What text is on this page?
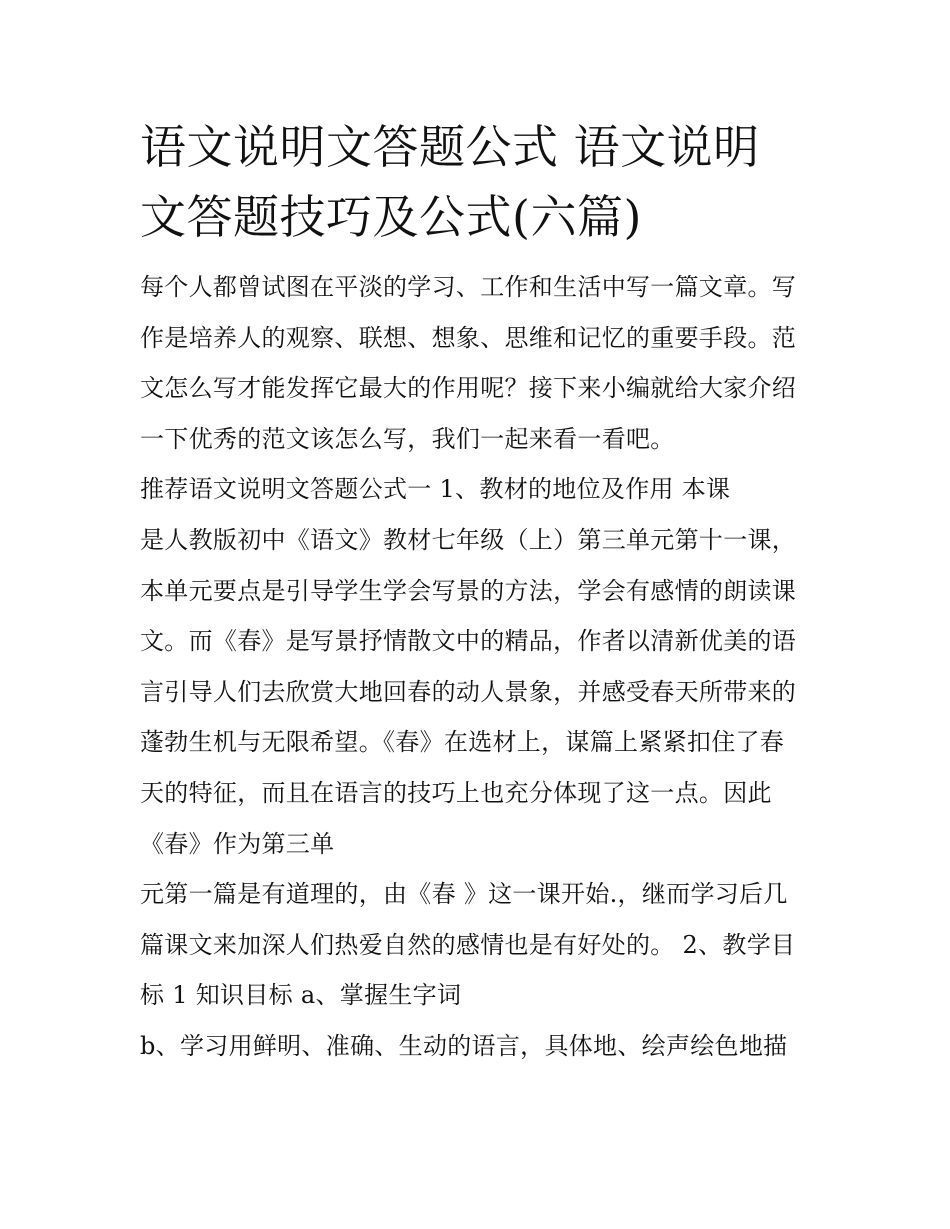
语文说明文答题公式 语文说明
文答题技巧及公式(六篇)
每个人都曾试图在平淡的学习、工作和生活中写一篇文章。写
作是培养人的观察、联想、想象、思维和记忆的重要手段。范
文怎么写才能发挥它最大的作用呢？接下来小编就给大家介绍
一下优秀的范文该怎么写，我们一起来看一看吧。
推荐语文说明文答题公式一 1、教材的地位及作用 本课
是人教版初中《语文》教材七年级（上）第三单元第十一课，
本单元要点是引导学生学会写景的方法，学会有感情的朗读课
文。而《春》是写景抒情散文中的精品，作者以清新优美的语
言引导人们去欣赏大地回春的动人景象，并感受春天所带来的
蓬勃生机与无限希望。《春》在选材上，谋篇上紧紧扣住了春
天的特征，而且在语言的技巧上也充分体现了这一点。因此
《春》作为第三单
元第一篇是有道理的，由《春 》这一课开始.，继而学习后几
篇课文来加深人们热爱自然的感情也是有好处的。 2、教学目
标 1 知识目标 a、掌握生字词
b、学习用鲜明、准确、生动的语言，具体地、绘声绘色地描
